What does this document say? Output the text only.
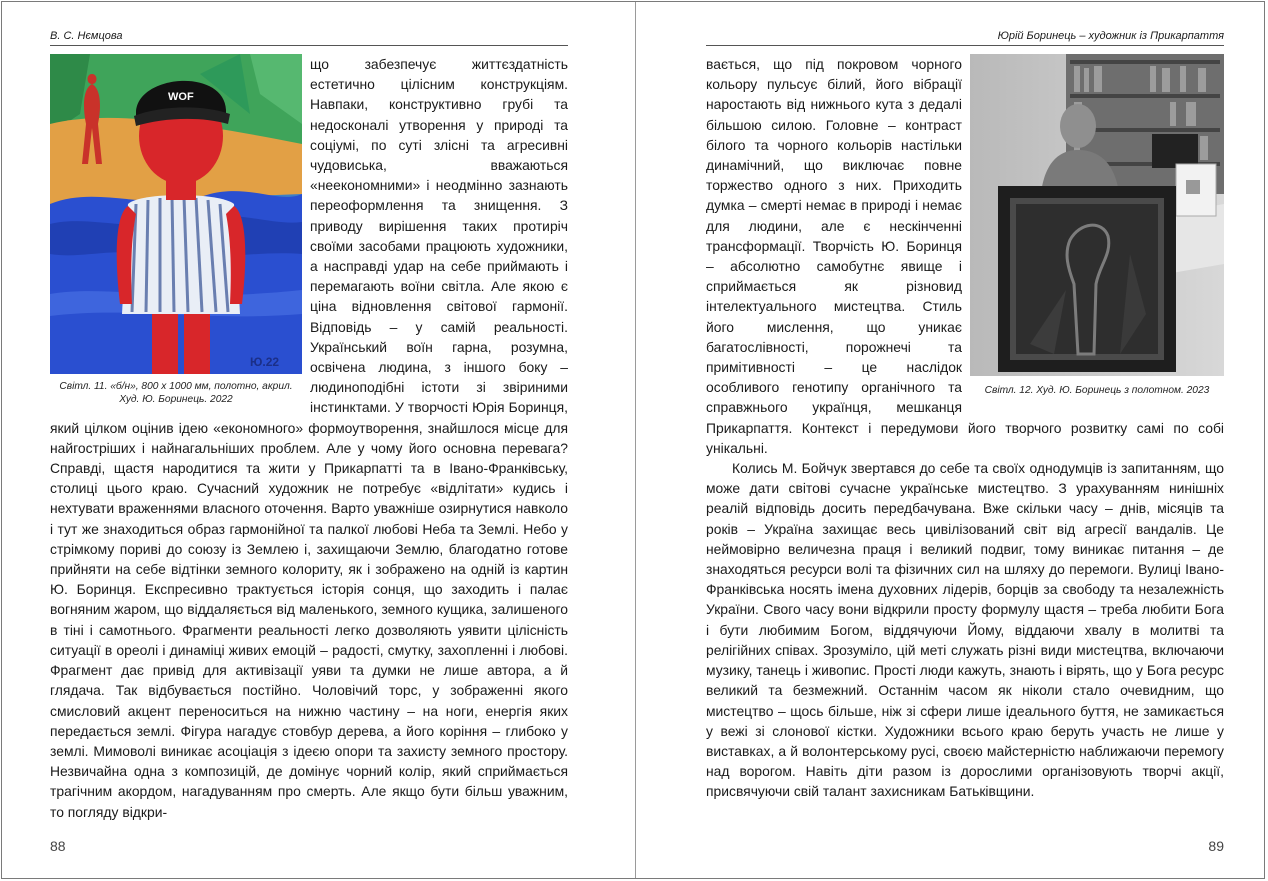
В. С. Нємцова
WOF
Ю.22
Світл. 11. «б/н», 800 х 1000 мм, полотно, акрил.
Худ. Ю. Боринець. 2022

що забезпечує життєздатність естетично цілісним конструкціям. Навпаки, конструктивно грубі та недосконалі утворення у природі та соціумі, по суті злісні та агресивні чудовиська, вважаються «неекономними» і неодмінно зазнають переоформлення та знищення. З приводу вирішення таких протиріч своїми засобами працюють художники, а насправді удар на себе приймають і перемагають воїни світла. Але якою є ціна відновлення світової гармонії. Відповідь – у самій реальності. Український воїн гарна, розумна, освічена людина, з іншого боку – людиноподібні істоти зі звіриними інстинктами. У творчості Юрія Боринця, який цілком оцінив ідею «економного» формоутворення, знайшлося місце для найгостріших і найнагальніших проблем. Але у чому його основна перевага? Справді, щастя народитися та жити у Прикарпатті та в Івано-Франківську, столиці цього краю. Сучасний художник не потребує «відлітати» кудись і нехтувати враженнями власного оточення. Варто уважніше озирнутися навколо і тут же знаходиться образ гармонійної та палкої любові Неба та Землі. Небо у стрімкому пориві до союзу із Землею і, захищаючи Землю, благодатно готове прийняти на себе відтінки земного колориту, як і зображено на одній із картин Ю. Боринця. Експресивно трактується історія сонця, що заходить і палає вогняним жаром, що віддаляється від маленького, земного кущика, залишеного в тіні і самотнього. Фрагменти реальності легко дозволяють уявити цілісність ситуації в ореолі і динаміці живих емоцій – радості, смутку, захопленні і любові. Фрагмент дає привід для активізації уяви та думки не лише автора, а й глядача. Так відбувається постійно. Чоловічий торс, у зображенні якого смисловий акцент переноситься на нижню частину – на ноги, енергія яких передається землі. Фігура нагадує стовбур дерева, а його коріння – глибоко у землі. Мимоволі виникає асоціація з ідеєю опори та захисту земного простору. Незвичайна одна з композицій, де домінує чорний колір, який сприймається трагічним акордом, нагадуванням про смерть. Але якщо бути більш уважним, то погляду відкри-

88
Юрій Боринець – художник із Прикарпаття
Світл. 12. Худ. Ю. Боринець з полотном. 2023

вається, що під покровом чорного кольору пульсує білий, його вібрації наростають від нижнього кута з дедалі більшою силою. Головне – контраст білого та чорного кольорів настільки динамічний, що виключає повне торжество одного з них. Приходить думка – смерті немає в природі і немає для людини, але є нескінченні трансформації. Творчість Ю. Боринця – абсолютно самобутнє явище і сприймається як різновид інтелектуального мистецтва. Стиль його мислення, що уникає багатослівності, порожнечі та примітивності – це наслідок особливого генотипу органічного та справжнього українця, мешканця Прикарпаття. Контекст і передумови його творчого розвитку самі по собі унікальні.

Колись М. Бойчук звертався до себе та своїх однодумців із запитанням, що може дати світові сучасне українське мистецтво. З урахуванням нинішніх реалій відповідь досить передбачувана. Вже скільки часу – днів, місяців та років – Україна захищає весь цивілізований світ від агресії вандалів. Це неймовірно величезна праця і великий подвиг, тому виникає питання – де знаходяться ресурси волі та фізичних сил на шляху до перемоги. Вулиці Івано-Франківська носять імена духовних лідерів, борців за свободу та незалежність України. Свого часу вони відкрили просту формулу щастя – треба любити Бога і бути любимим Богом, віддячуючи Йому, віддаючи хвалу в молитві та релігійних співах. Зрозуміло, цій меті служать різні види мистецтва, включаючи музику, танець і живопис. Прості люди кажуть, знають і вірять, що у Бога ресурс великий та безмежний. Останнім часом як ніколи стало очевидним, що мистецтво – щось більше, ніж зі сфери лише ідеального буття, не замикається у вежі зі слонової кістки. Художники всього краю беруть участь не лише у виставках, а й волонтерському русі, своєю майстерністю наближаючи перемогу над ворогом. Навіть діти разом із дорослими організовують творчі акції, присвячуючи свій талант захисникам Батьківщини.

89
